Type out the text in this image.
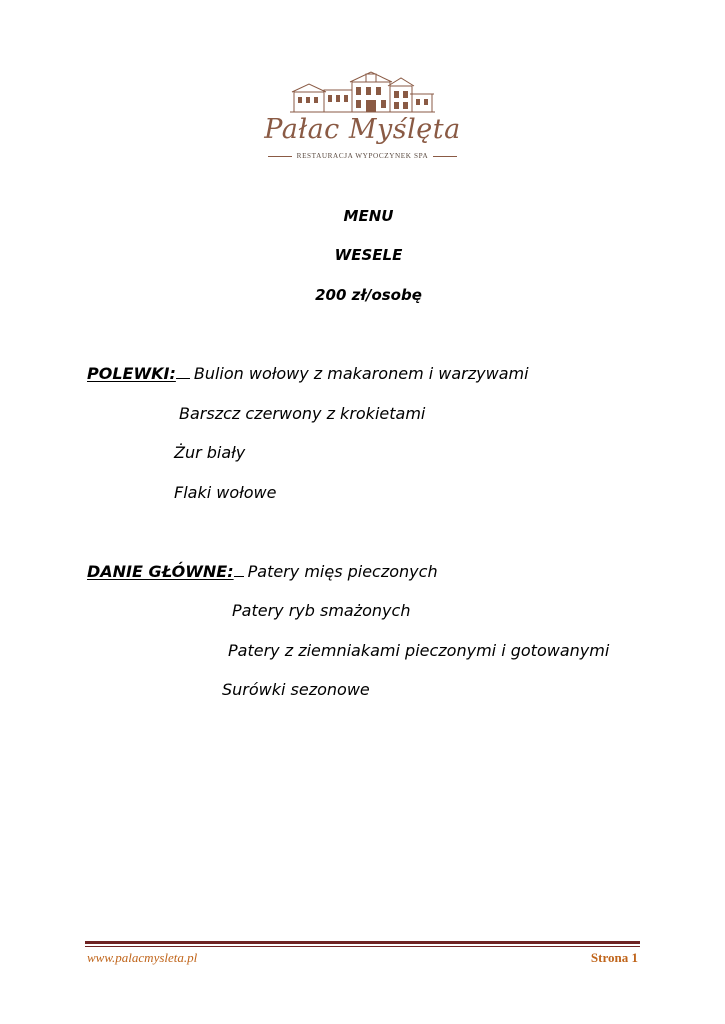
Pałac Myślęta
RESTAURACJA WYPOCZYNEK SPA

MENU

WESELE

200 zł/osobę

POLEWKI: Bulion wołowy z makaronem i warzywami

Barszcz czerwony z krokietami

Żur biały

Flaki wołowe

DANIE GŁÓWNE: Patery mięs pieczonych

Patery ryb smażonych

Patery z ziemniakami pieczonymi i gotowanymi

Surówki sezonowe

www.palacmysleta.pl	Strona 1
